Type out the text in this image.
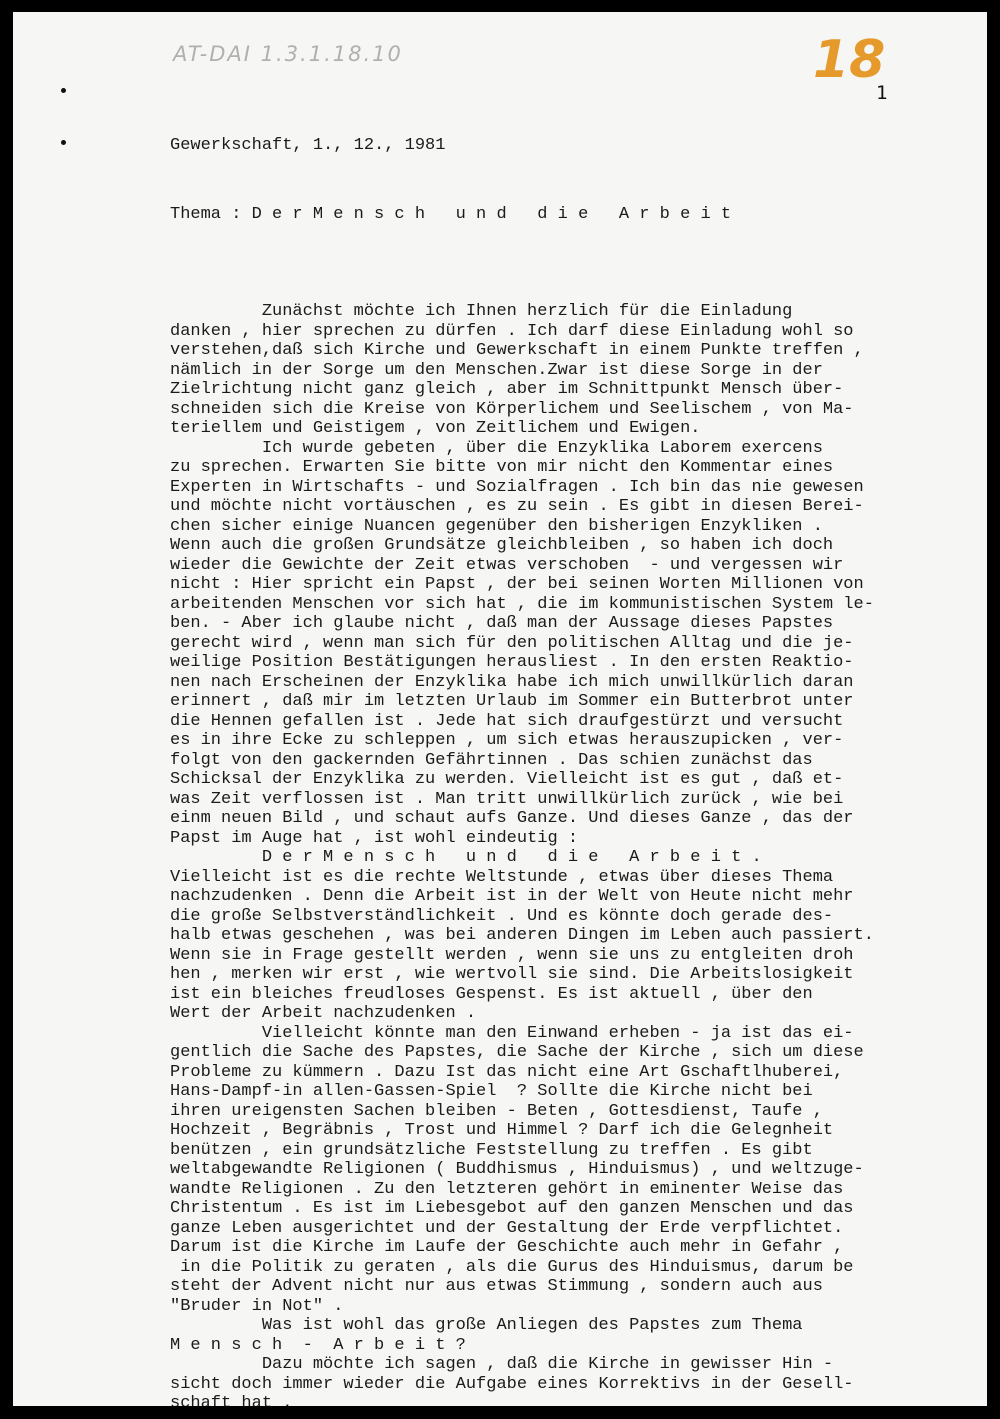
AT-DAI 1.3.1.18.10	18
1

Gewerkschaft, 1., 12., 1981

Thema : D e r M e n s c h   u n d   d i e   A r b e i t

Zunächst möchte ich Ihnen herzlich für die Einladung
danken , hier sprechen zu dürfen . Ich darf diese Einladung wohl so
verstehen,daß sich Kirche und Gewerkschaft in einem Punkte treffen ,
nämlich in der Sorge um den Menschen.Zwar ist diese Sorge in der
Zielrichtung nicht ganz gleich , aber im Schnittpunkt Mensch über-
schneiden sich die Kreise von Körperlichem und Seelischem , von Ma-
teriellem und Geistigem , von Zeitlichem und Ewigen.
Ich wurde gebeten , über die Enzyklika Laborem exercens
zu sprechen. Erwarten Sie bitte von mir nicht den Kommentar eines
Experten in Wirtschafts - und Sozialfragen . Ich bin das nie gewesen
und möchte nicht vortäuschen , es zu sein . Es gibt in diesen Berei-
chen sicher einige Nuancen gegenüber den bisherigen Enzykliken .
Wenn auch die großen Grundsätze gleichbleiben , so haben ich doch
wieder die Gewichte der Zeit etwas verschoben  - und vergessen wir
nicht : Hier spricht ein Papst , der bei seinen Worten Millionen von
arbeitenden Menschen vor sich hat , die im kommunistischen System le-
ben. - Aber ich glaube nicht , daß man der Aussage dieses Papstes
gerecht wird , wenn man sich für den politischen Alltag und die je-
weilige Position Bestätigungen herausliest . In den ersten Reaktio-
nen nach Erscheinen der Enzyklika habe ich mich unwillkürlich daran
erinnert , daß mir im letzten Urlaub im Sommer ein Butterbrot unter
die Hennen gefallen ist . Jede hat sich draufgestürzt und versucht
es in ihre Ecke zu schleppen , um sich etwas herauszupicken , ver-
folgt von den gackernden Gefährtinnen . Das schien zunächst das
Schicksal der Enzyklika zu werden. Vielleicht ist es gut , daß et-
was Zeit verflossen ist . Man tritt unwillkürlich zurück , wie bei
einm neuen Bild , und schaut aufs Ganze. Und dieses Ganze , das der
Papst im Auge hat , ist wohl eindeutig :
D e r M e n s c h   u n d   d i e   A r b e i t .
Vielleicht ist es die rechte Weltstunde , etwas über dieses Thema
nachzudenken . Denn die Arbeit ist in der Welt von Heute nicht mehr
die große Selbstverständlichkeit . Und es könnte doch gerade des-
halb etwas geschehen , was bei anderen Dingen im Leben auch passiert.
Wenn sie in Frage gestellt werden , wenn sie uns zu entgleiten droh
hen , merken wir erst , wie wertvoll sie sind. Die Arbeitslosigkeit
ist ein bleiches freudloses Gespenst. Es ist aktuell , über den
Wert der Arbeit nachzudenken .
Vielleicht könnte man den Einwand erheben - ja ist das ei-
gentlich die Sache des Papstes, die Sache der Kirche , sich um diese
Probleme zu kümmern . Dazu Ist das nicht eine Art Gschaftlhuberei,
Hans-Dampf-in allen-Gassen-Spiel  ? Sollte die Kirche nicht bei
ihren ureigensten Sachen bleiben - Beten , Gottesdienst, Taufe ,
Hochzeit , Begräbnis , Trost und Himmel ? Darf ich die Gelegnheit
benützen , ein grundsätzliche Feststellung zu treffen . Es gibt
weltabgewandte Religionen ( Buddhismus , Hinduismus) , und weltzuge-
wandte Religionen . Zu den letzteren gehört in eminenter Weise das
Christentum . Es ist im Liebesgebot auf den ganzen Menschen und das
ganze Leben ausgerichtet und der Gestaltung der Erde verpflichtet.
Darum ist die Kirche im Laufe der Geschichte auch mehr in Gefahr ,
in die Politik zu geraten , als die Gurus des Hinduismus, darum be
steht der Advent nicht nur aus etwas Stimmung , sondern auch aus
"Bruder in Not" .
Was ist wohl das große Anliegen des Papstes zum Thema
M e n s c h  -  A r b e i t ?
Dazu möchte ich sagen , daß die Kirche in gewisser Hin -
sicht doch immer wieder die Aufgabe eines Korrektivs in der Gesell-
schaft hat .
